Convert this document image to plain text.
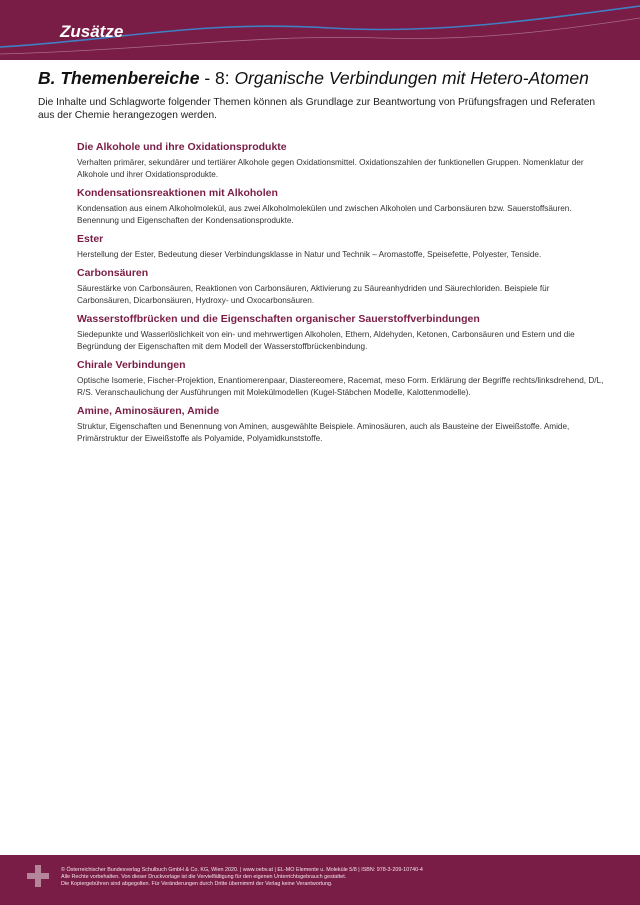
Zusätze
B. Themenbereiche - 8: Organische Verbindungen mit Hetero-Atomen
Die Inhalte und Schlagworte folgender Themen können als Grundlage zur Beantwortung von Prüfungsfragen und Referaten aus der Chemie herangezogen werden.
Die Alkohole und ihre Oxidationsprodukte

Verhalten primärer, sekundärer und tertiärer Alkohole gegen Oxidationsmittel. Oxidationszahlen der funktionellen Gruppen. Nomenklatur der Alkohole und ihrer Oxidationsprodukte.

Kondensationsreaktionen mit Alkoholen

Kondensation aus einem Alkoholmolekül, aus zwei Alkoholmolekülen und zwischen Alkoholen und Carbonsäuren bzw. Sauerstoffsäuren. Benennung und Eigenschaften der Kondensationsprodukte.

Ester

Herstellung der Ester, Bedeutung dieser Verbindungsklasse in Natur und Technik – Aromastoffe, Speisefette, Polyester, Tenside.

Carbonsäuren

Säurestärke von Carbonsäuren, Reaktionen von Carbonsäuren, Aktivierung zu Säureanhydriden und Säurechloriden. Beispiele für Carbonsäuren, Dicarbonsäuren, Hydroxy- und Oxocarbonsäuren.

Wasserstoffbrücken und die Eigenschaften organischer Sauerstoffverbindungen

Siedepunkte und Wasserlöslichkeit von ein- und mehrwertigen Alkoholen, Ethern, Aldehyden, Ketonen, Carbonsäuren und Estern und die Begründung der Eigenschaften mit dem Modell der Wasserstoffbrückenbindung.

Chirale Verbindungen

Optische Isomerie, Fischer-Projektion, Enantiomerenpaar, Diastereomere, Racemat, meso Form. Erklärung der Begriffe rechts/linksdrehend, D/L, R/S. Veranschaulichung der Ausführungen mit Molekülmodellen (Kugel-Stäbchen Modelle, Kalottenmodelle).

Amine, Aminosäuren, Amide

Struktur, Eigenschaften und Benennung von Aminen, ausgewählte Beispiele. Aminosäuren, auch als Bausteine der Eiweißstoffe. Amide, Primärstruktur der Eiweißstoffe als Polyamide, Polyamidkunststoffe.

© Österreichischer Bundesverlag Schulbuch GmbH & Co. KG, Wien 2020. | www.oebv.at | EL-MO Elemente u. Moleküle 5/8 | ISBN: 978-3-209-10740-4
Alle Rechte vorbehalten. Von dieser Druckvorlage ist die Vervielfältigung für den eigenen Unterrichtsgebrauch gestattet.
Die Kopiergebühren sind abgegolten. Für Veränderungen durch Dritte übernimmt der Verlag keine Verantwortung.
